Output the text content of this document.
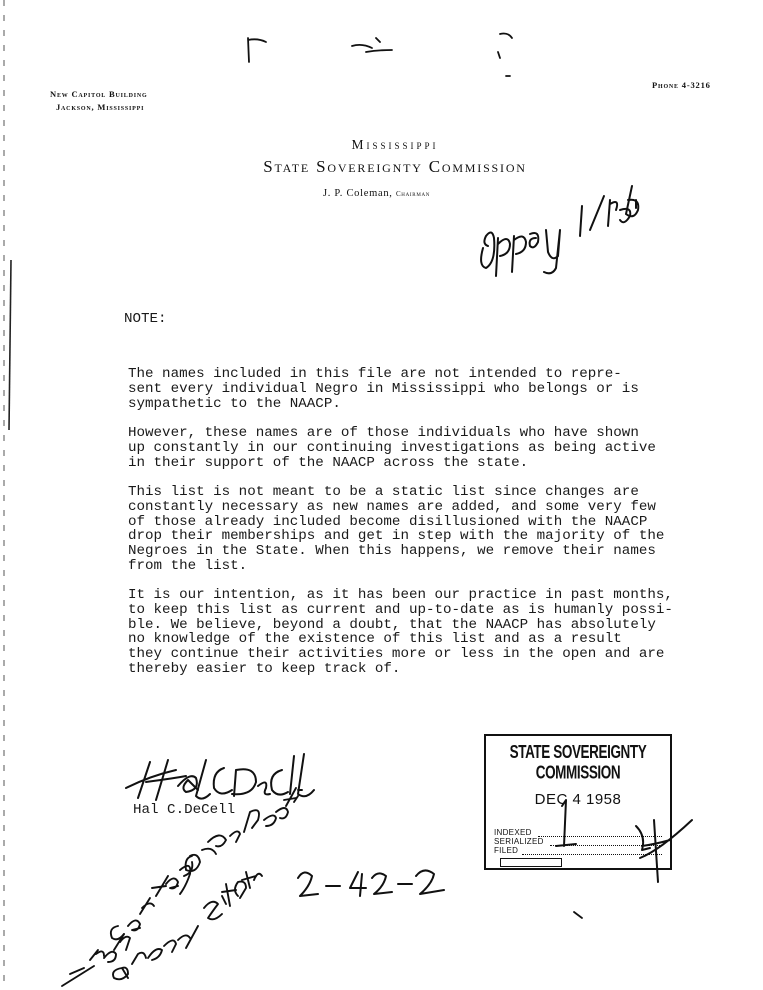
New Capitol Building
Jackson, Mississippi
Phone 4-3216
Mississippi
State Sovereignty Commission
J. P. Coleman, Chairman
NOTE:
The names included in this file are not intended to repre-
sent every individual Negro in Mississippi who belongs or is
sympathetic to the NAACP.
However, these names are of those individuals who have shown
up constantly in our continuing investigations as being active
in their support of the NAACP across the state.
This list is not meant to be a static list since changes are
constantly necessary as new names are added, and some very few
of those already included become disillusioned with the NAACP
drop their memberships and get in step with the majority of the
Negroes in the State. When this happens, we remove their names
from the list.
It is our intention, as it has been our practice in past months,
to keep this list as current and up-to-date as is humanly possi-
ble. We believe, beyond a doubt, that the NAACP has absolutely
no knowledge of the existence of this list and as a result
they continue their activities more or less in the open and are
thereby easier to keep track of.
Hal C.DeCell
STATE SOVEREIGNTY COMMISSION
DEC 4 1958
INDEXED
SERIALIZED
FILED
